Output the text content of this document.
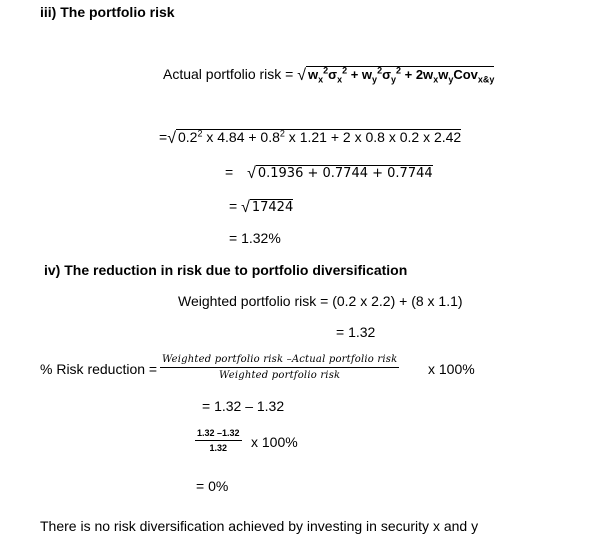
iii) The portfolio risk
Actual portfolio risk = √ $w_x^2\sigma_x^2 + w_y^2\sigma_y^2 + 2w_xw_yCov_{x\&y}$
=√ $0.2^2$ x $4.84 + 0.8^2$ x 1.21 + 2 x 0.8 x 0.2 x 2.42
= √ 0.1936 + 0.7744 + 0.7744
= √ 17424
= 1.32%
iv) The reduction in risk due to portfolio diversification
Weighted portfolio risk = (0.2 x 2.2) + (8 x 1.1)
= 1.32
% Risk reduction =
Weighted portfolio risk –Actual portfolio risk
Weighted portfolio risk	x 100%
= 1.32 – 1.32
$\frac{1.32 -1.32}{1.32}$ x 100%
= 0%
There is no risk diversification achieved by investing in security x and y
